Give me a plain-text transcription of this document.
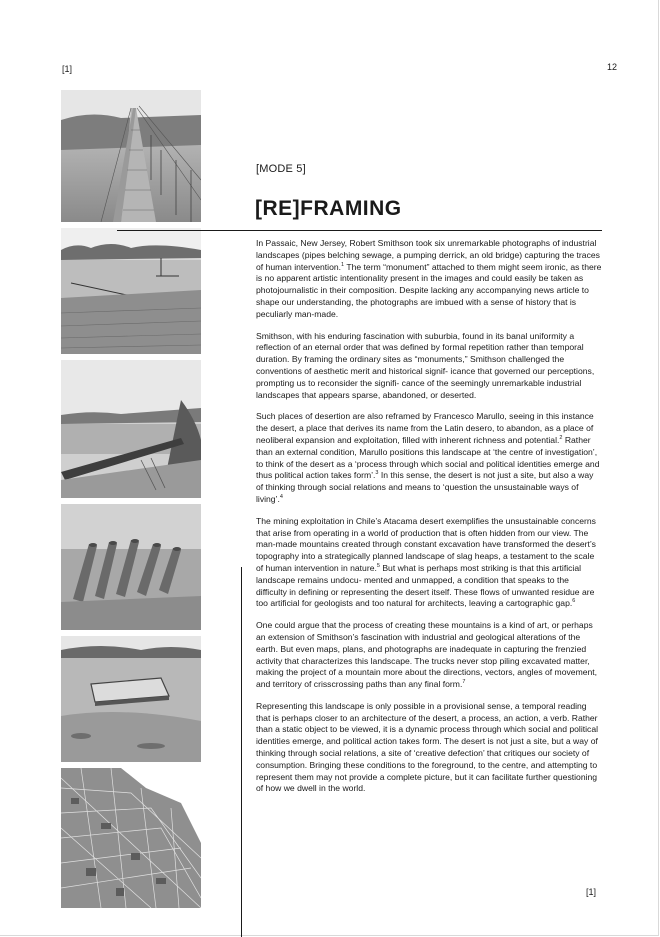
[1]	12
[MODE 5]
[RE]FRAMING

In Passaic, New Jersey, Robert Smithson took six unremarkable photographs of industrial landscapes (pipes belching sewage, a pumping derrick, an old bridge) capturing the traces of human intervention.$^1$ The term “monument” attached to them might seem ironic, as there is no apparent artistic intentionality present in the images and could easily be taken as photojournalistic in their composition. Despite lacking any accompanying news article to shape our understanding, the photographs are imbued with a sense of history that is peculiarly man-made.

Smithson, with his enduring fascination with suburbia, found in its banal uniformity a reflection of an eternal order that was defined by formal repetition rather than temporal duration. By framing the ordinary sites as “monuments,” Smithson challenged the conventions of aesthetic merit and historical signif- icance that governed our perceptions, prompting us to reconsider the signifi- cance of the seemingly unremarkable industrial landscapes that appears sparse, abandoned, or deserted.

Such places of desertion are also reframed by Francesco Marullo, seeing in this instance the desert, a place that derives its name from the Latin desero, to abandon, as a place of neoliberal expansion and exploitation, filled with inherent richness and potential.$^2$ Rather than an external condition, Marullo positions this landscape at ‘the centre of investigation’, to think of the desert as a ‘process through which social and political identities emerge and thus political action takes form’.$^3$ In this sense, the desert is not just a site, but also a way of thinking through social relations and means to ‘question the unsustainable ways of living’.$^4$

The mining exploitation in Chile’s Atacama desert exemplifies the unsustainable concerns that arise from operating in a world of production that is often hidden from our view. The man-made mountains created through constant excavation have transformed the desert’s topography into a strategically planned landscape of slag heaps, a testament to the scale of human intervention in nature.$^5$ But what is perhaps most striking is that this artificial landscape remains undocu- mented and unmapped, a condition that speaks to the difficulty in defining or representing the desert itself. These flows of unwanted residue are too artificial for geologists and too natural for architects, leaving a cartographic gap.$^6$

One could argue that the process of creating these mountains is a kind of art, or perhaps an extension of Smithson’s fascination with industrial and geological alterations of the earth. But even maps, plans, and photographs are inadequate in capturing the frenzied activity that characterizes this landscape. The trucks never stop piling excavated matter, making the project of a mountain more about the directions, vectors, angles of movement, and territory of crisscrossing paths than any final form.$^7$

Representing this landscape is only possible in a provisional sense, a temporal reading that is perhaps closer to an architecture of the desert, a process, an action, a verb. Rather than a static object to be viewed, it is a dynamic process through which social and political identities emerge, and political action takes form. The desert is not just a site, but a way of thinking through social relations, a site of ‘creative defection’ that critiques our society of consumption. Bringing these conditions to the foreground, to the centre, and attempting to represent them may not provide a complete picture, but it can facilitate further questioning of how we dwell in the world.

[1]
